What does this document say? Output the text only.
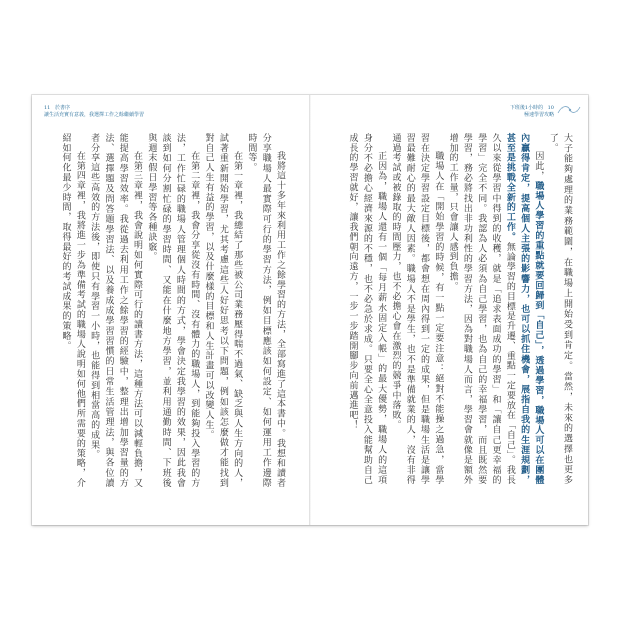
11 於書序
讓生活充實有意義，我選擇工作之餘繼續學習

我將這十多年來利用工作之餘學習的方法，全部寫進了這本書中。我想和讀者分享職場人最實際可行的學習方法，例如目標應該如何設定、如何運用工作邊際時間等。

在第一章裡，我總結了那些被公司業務壓得喘不過氣、缺乏與人生方向的人，試著重新開始學習，尤其考慮這些人好好思考以下問題，例如該怎麼做才能找到對自己人生有益的學習，以及什麼樣的目標和人生計畫可以改變人生。

在第二章裡，我會分享從沒有時間、沒有體力的職場人，到能夠投入學習的方法，工作忙碌的職場人管理個人時間的方式，學會決定我學習的效果，因此我會談到如何分割忙碌的學習時間、又能在什麼地方學習，並利用通勤時間、下班後與週末假日學習等各種訣竅。

在第三章裡，我會說明如何實際可行的讀書方法，這種方法可以減輕負擔，又能提高學習效率。我從過去利用工作之餘學習的經驗中，整理出增加學習量的方法、選擇題及問答題學習法、以及養成成學習習慣的日常生活管理法，與各位讀者分享這些高效的方法後，即使只有學習一小時，也能得到相當高的成果。

在第四章裡，我將進一步為準備考試的職場人說明如何他們所需要的策略，介紹如何化最少時間，取得最好的考試成果的策略。

下班後1小時的 10
極速學習攻略

大子能夠處理的業務範圍，在職場上開始受到肯定。當然，未來的選擇也更多了。

因此，職場人學習的重點就要回歸到「自己」，透過學習，職場人可以在團體內贏得肯定，提高個人主張的影響力，也可以抓住機會，展指自我的生涯規劃，甚至是挑戰全新的工作。無論學習的目標是升遷、重點一定要放在「自己」。我長久以來從學習中得到的收穫，就是「追求表面成功的學習」和「讓自己更幸福的學習」完全不同。我認為人必須為自己學習，也為自己的幸福學習，而且既然要學習，務必將找出非功利性的學習方法，因為對職場人而言，學習會就像是額外增加的工作量，只會讓人感到負擔。

職場人在「開始學習的時候，有一點一定要注意：絕對不能操之過急，當學習在決定學習設定目標後，都會想在周內得到一定的成果，但是職場生活是讓學習最難耐心的最大敵人因素。職場人不是學生，也不是準備就業的人，沒有非得通過考試或被錄取的時間壓力，也不必擔心會在激烈的競爭中落敗。

正因為，職場人還有一個「每月薪水固定入帳」的最大優勢，職場人的這項身分不必擔心經濟來源的不穩，也不必急於求成。只要全心全意投入能幫助自己成長的學習就好，讓我們朝向遠方，一步一步踏開腳步向前邁進吧！
